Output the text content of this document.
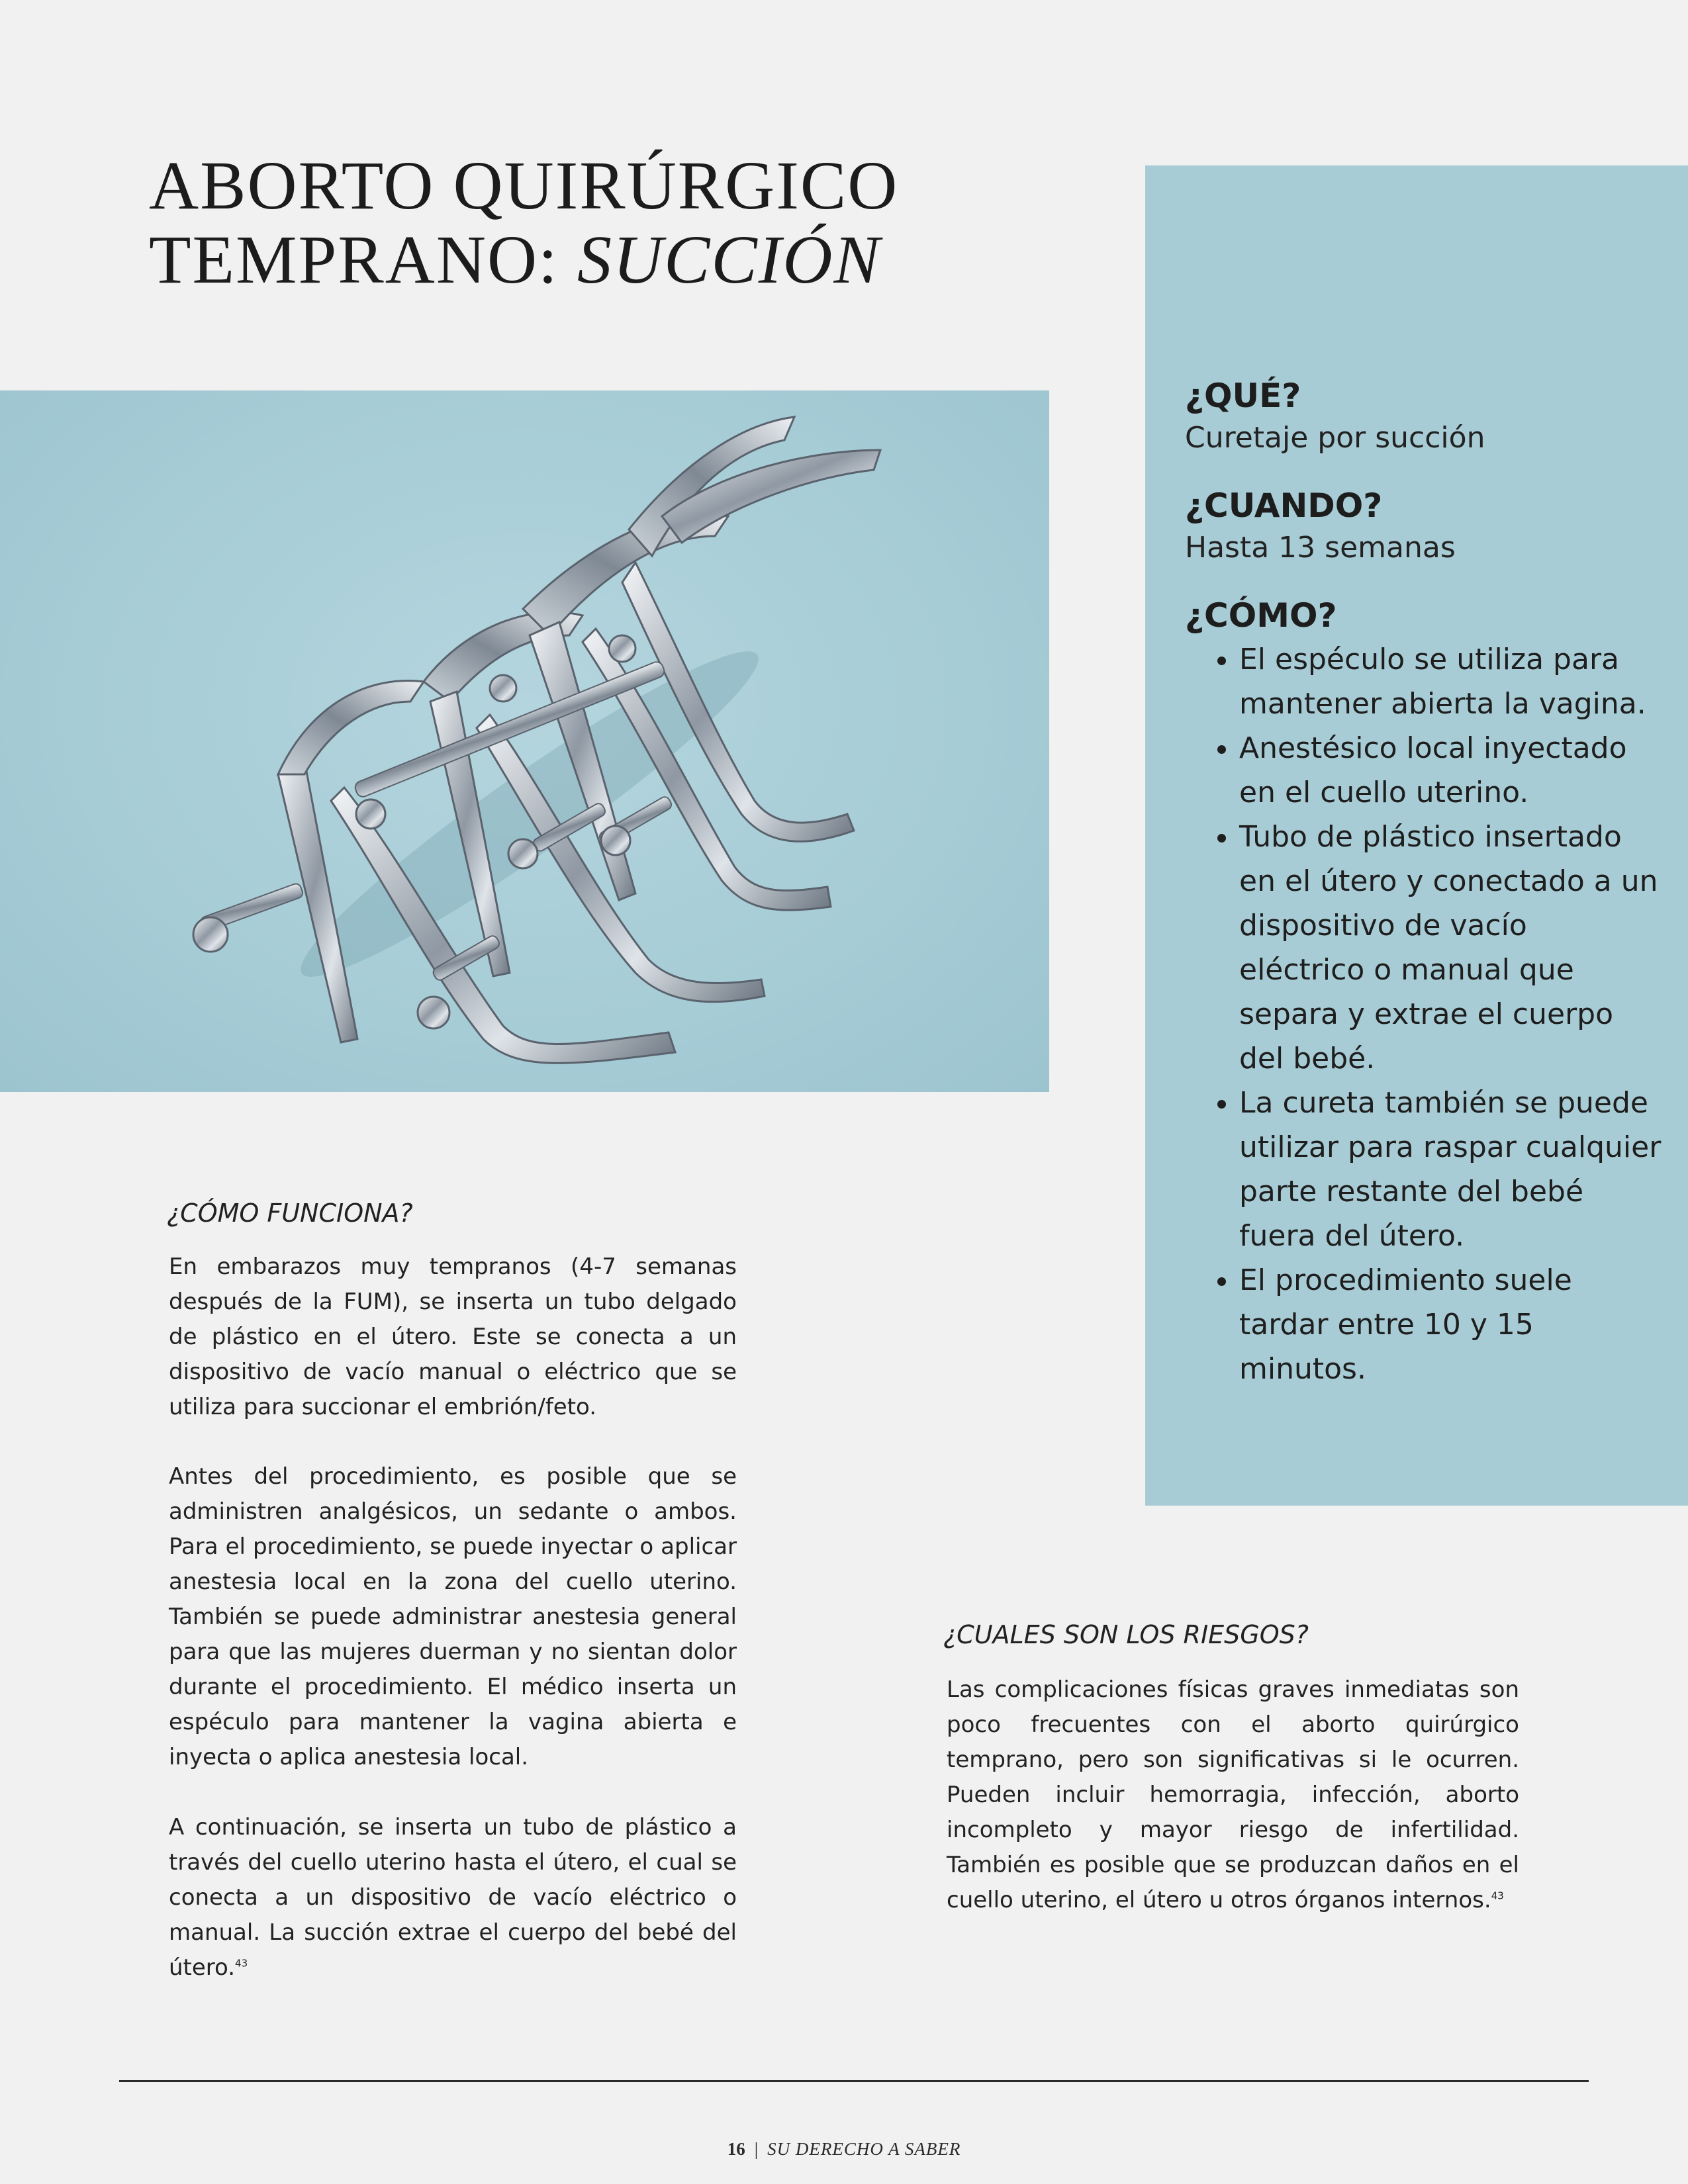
ABORTO QUIRÚRGICO
TEMPRANO: SUCCIÓN
¿QUÉ?

Curetaje por succión

¿CUANDO?

Hasta 13 semanas

¿CÓMO?
• El espéculo se utiliza para mantener abierta la vagina.
• Anestésico local inyectado en el cuello uterino.
• Tubo de plástico insertado en el útero y conectado a un dispositivo de vacío eléctrico o manual que separa y extrae el cuerpo del bebé.
• La cureta también se puede utilizar para raspar cualquier parte restante del bebé fuera del útero.
• El procedimiento suele tardar entre 10 y 15 minutos.
¿CÓMO FUNCIONA?

En embarazos muy tempranos (4-7 semanas después de la FUM), se inserta un tubo delgado de plástico en el útero. Este se conecta a un dispositivo de vacío manual o eléctrico que se utiliza para succionar el embrión/feto.

Antes del procedimiento, es posible que se administren analgésicos, un sedante o ambos. Para el procedimiento, se puede inyectar o aplicar anestesia local en la zona del cuello uterino. También se puede administrar anestesia general para que las mujeres duerman y no sientan dolor durante el procedimiento. El médico inserta un espéculo para mantener la vagina abierta e inyecta o aplica anestesia local.

A continuación, se inserta un tubo de plástico a través del cuello uterino hasta el útero, el cual se conecta a un dispositivo de vacío eléctrico o manual. La succión extrae el cuerpo del bebé del útero.$^{43}$

¿CUALES SON LOS RIESGOS?

Las complicaciones físicas graves inmediatas son poco frecuentes con el aborto quirúrgico temprano, pero son significativas si le ocurren. Pueden incluir hemorragia, infección, aborto incompleto y mayor riesgo de infertilidad. También es posible que se produzcan daños en el cuello uterino, el útero u otros órganos internos.$^{43}$

16 | SU DERECHO A SABER
